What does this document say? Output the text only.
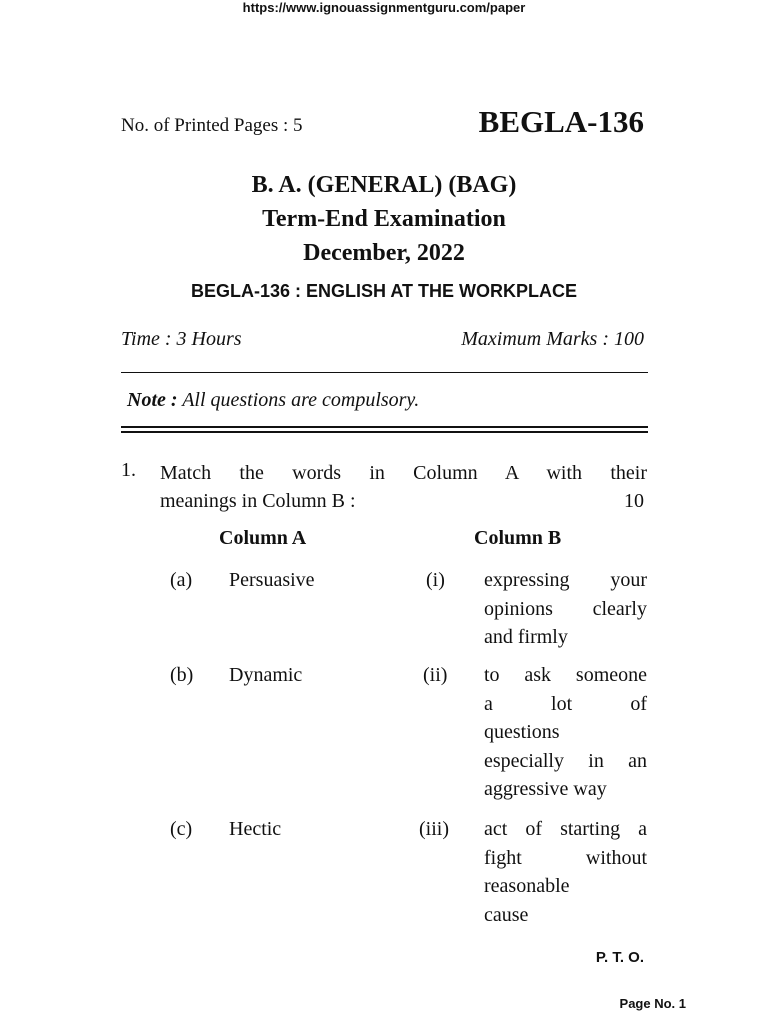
https://www.ignouassignmentguru.com/paper
No. of Printed Pages : 5	BEGLA-136
B. A. (GENERAL) (BAG)
Term-End Examination
December, 2022
BEGLA-136 : ENGLISH AT THE WORKPLACE
Time : 3 Hours	Maximum Marks : 100
Note : All questions are compulsory.
1. Match the words in Column A with their
meanings in Column B :	10
Column A	Column B
(a) Persuasive	(i) expressing your
opinions clearly
and firmly
(b) Dynamic	(ii) to ask someone
a lot of
questions
especially in an
aggressive way
(c) Hectic	(iii) act of starting a
fight without
reasonable
cause
P. T. O.
Page No. 1
